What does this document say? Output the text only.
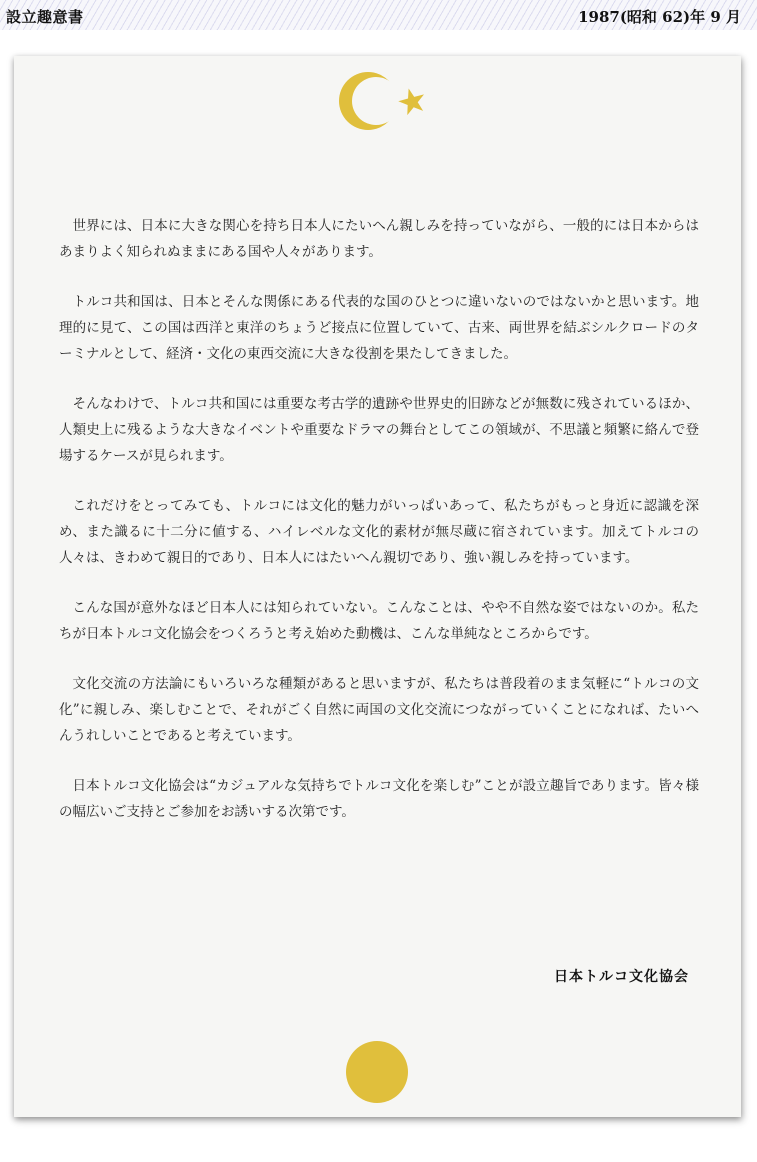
設立趣意書	1987(昭和 62)年 9 月

世界には、日本に大きな関心を持ち日本人にたいへん親しみを持っていながら、一般的には日本からはあまりよく知られぬままにある国や人々があります。

トルコ共和国は、日本とそんな関係にある代表的な国のひとつに違いないのではないかと思います。地理的に見て、この国は西洋と東洋のちょうど接点に位置していて、古来、両世界を結ぶシルクロードのターミナルとして、経済・文化の東西交流に大きな役割を果たしてきました。

そんなわけで、トルコ共和国には重要な考古学的遺跡や世界史的旧跡などが無数に残されているほか、人類史上に残るような大きなイベントや重要なドラマの舞台としてこの領域が、不思議と頻繁に絡んで登場するケースが見られます。

これだけをとってみても、トルコには文化的魅力がいっぱいあって、私たちがもっと身近に認識を深め、また識るに十二分に値する、ハイレベルな文化的素材が無尽蔵に宿されています。加えてトルコの人々は、きわめて親日的であり、日本人にはたいへん親切であり、強い親しみを持っています。

こんな国が意外なほど日本人には知られていない。こんなことは、やや不自然な姿ではないのか。私たちが日本トルコ文化協会をつくろうと考え始めた動機は、こんな単純なところからです。

文化交流の方法論にもいろいろな種類があると思いますが、私たちは普段着のまま気軽に“トルコの文化”に親しみ、楽しむことで、それがごく自然に両国の文化交流につながっていくことになれば、たいへんうれしいことであると考えています。

日本トルコ文化協会は“カジュアルな気持ちでトルコ文化を楽しむ”ことが設立趣旨であります。皆々様の幅広いご支持とご参加をお誘いする次第です。

日本トルコ文化協会
